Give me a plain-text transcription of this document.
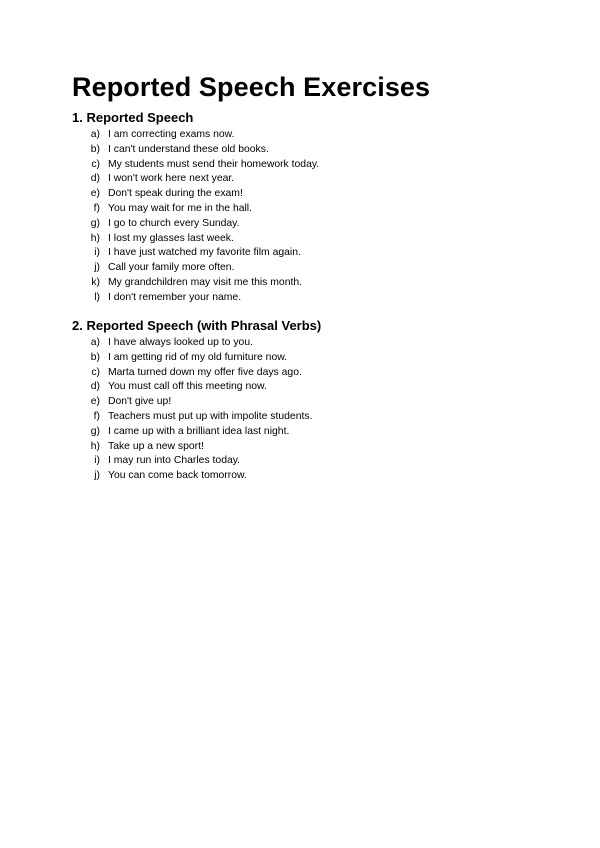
Reported Speech Exercises
1. Reported Speech
a) I am correcting exams now.
b) I can't understand these old books.
c) My students must send their homework today.
d) I won't work here next year.
e) Don't speak during the exam!
f) You may wait for me in the hall.
g) I go to church every Sunday.
h) I lost my glasses last week.
i) I have just watched my favorite film again.
j) Call your family more often.
k) My grandchildren may visit me this month.
l) I don't remember your name.
2. Reported Speech (with Phrasal Verbs)
a) I have always looked up to you.
b) I am getting rid of my old furniture now.
c) Marta turned down my offer five days ago.
d) You must call off this meeting now.
e) Don't give up!
f) Teachers must put up with impolite students.
g) I came up with a brilliant idea last night.
h) Take up a new sport!
i) I may run into Charles today.
j) You can come back tomorrow.
